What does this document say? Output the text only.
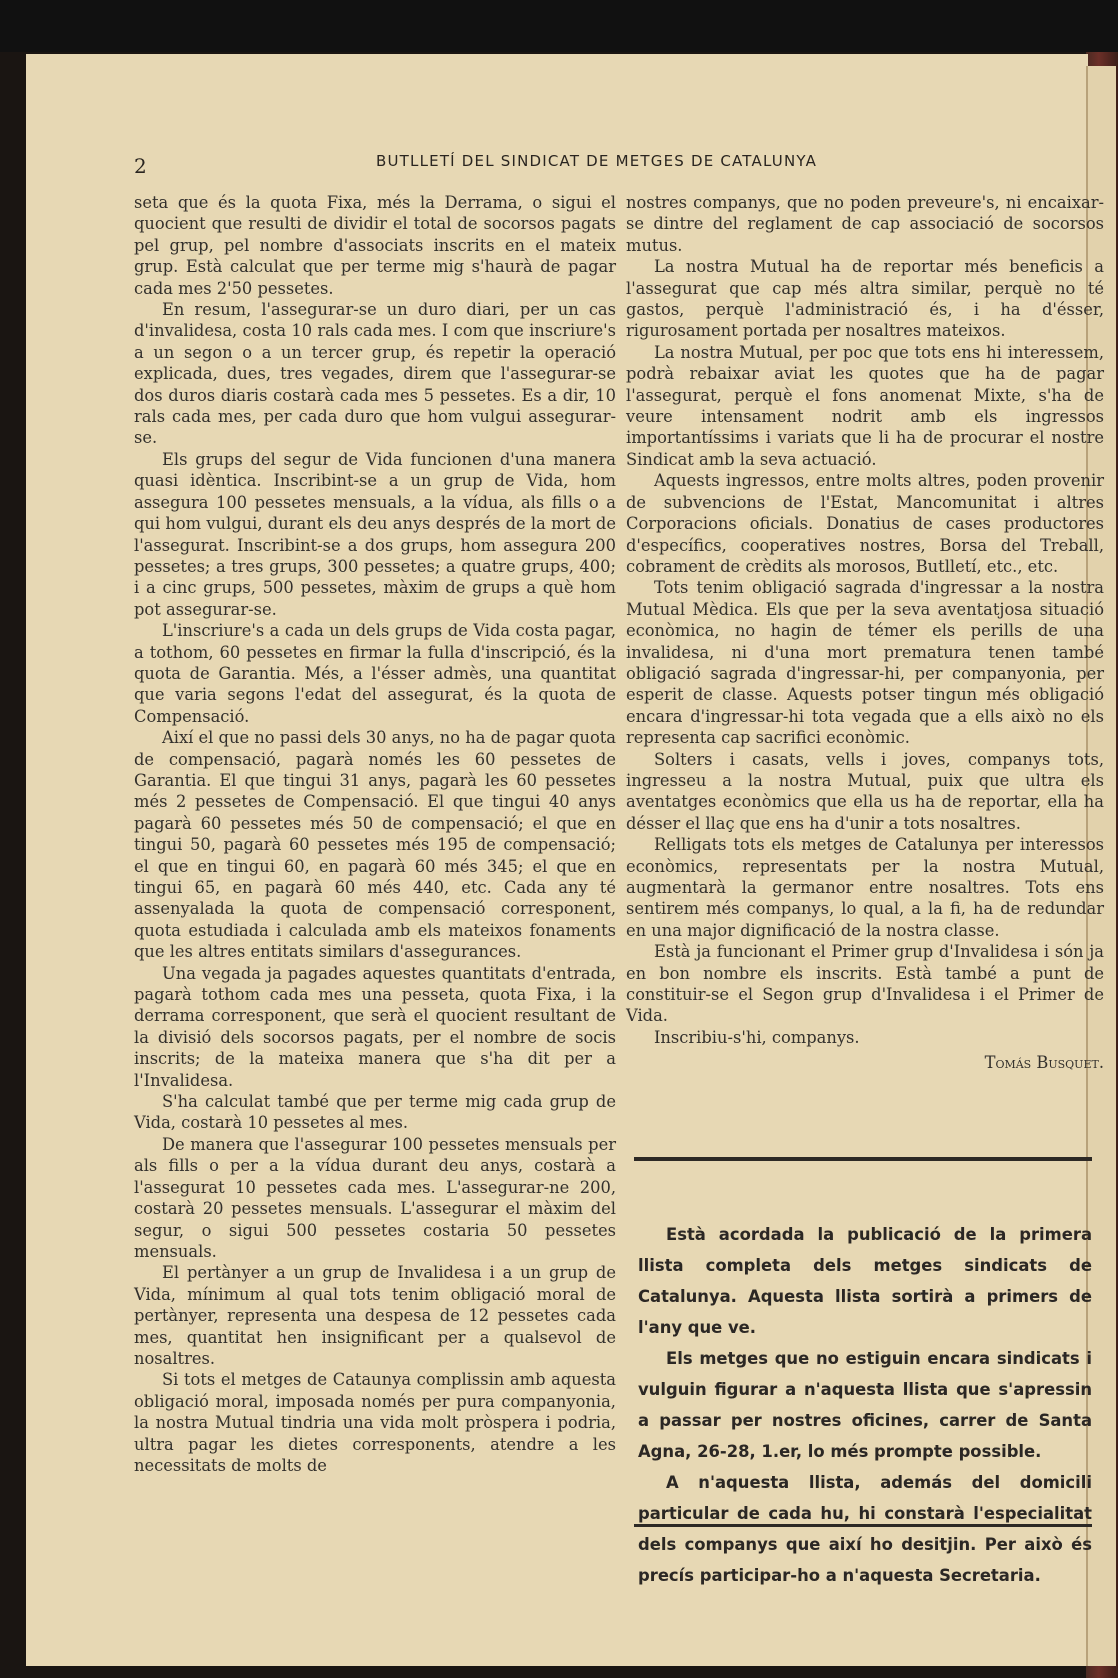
2	BUTLLETÍ DEL SINDICAT DE METGES DE CATALUNYA

seta que és la quota Fixa, més la Derrama, o sigui el quocient que resulti de dividir el total de socorsos pagats pel grup, pel nombre d'associats inscrits en el mateix grup. Està calculat que per terme mig s'haurà de pagar cada mes 2'50 pessetes.

En resum, l'assegurar-se un duro diari, per un cas d'invalidesa, costa 10 rals cada mes. I com que inscriure's a un segon o a un tercer grup, és repetir la operació explicada, dues, tres vegades, direm que l'assegurar-se dos duros diaris costarà cada mes 5 pessetes. Es a dir, 10 rals cada mes, per cada duro que hom vulgui assegurar-se.

Els grups del segur de Vida funcionen d'una manera quasi idèntica. Inscribint-se a un grup de Vida, hom assegura 100 pessetes mensuals, a la vídua, als fills o a qui hom vulgui, durant els deu anys després de la mort de l'assegurat. Inscribint-se a dos grups, hom assegura 200 pessetes; a tres grups, 300 pessetes; a quatre grups, 400; i a cinc grups, 500 pessetes, màxim de grups a què hom pot assegurar-se.

L'inscriure's a cada un dels grups de Vida costa pagar, a tothom, 60 pessetes en firmar la fulla d'inscripció, és la quota de Garantia. Més, a l'ésser admès, una quantitat que varia segons l'edat del assegurat, és la quota de Compensació.

Així el que no passi dels 30 anys, no ha de pagar quota de compensació, pagarà només les 60 pessetes de Garantia. El que tingui 31 anys, pagarà les 60 pessetes més 2 pessetes de Compensació. El que tingui 40 anys pagarà 60 pessetes més 50 de compensació; el que en tingui 50, pagarà 60 pessetes més 195 de compensació; el que en tingui 60, en pagarà 60 més 345; el que en tingui 65, en pagarà 60 més 440, etc. Cada any té assenyalada la quota de compensació corresponent, quota estudiada i calculada amb els mateixos fonaments que les altres entitats similars d'assegurances.

Una vegada ja pagades aquestes quantitats d'entrada, pagarà tothom cada mes una pesseta, quota Fixa, i la derrama corresponent, que serà el quocient resultant de la divisió dels socorsos pagats, per el nombre de socis inscrits; de la mateixa manera que s'ha dit per a l'Invalidesa.

S'ha calculat també que per terme mig cada grup de Vida, costarà 10 pessetes al mes.

De manera que l'assegurar 100 pessetes mensuals per als fills o per a la vídua durant deu anys, costarà a l'assegurat 10 pessetes cada mes. L'assegurar-ne 200, costarà 20 pessetes mensuals. L'assegurar el màxim del segur, o sigui 500 pessetes costaria 50 pessetes mensuals.

El pertànyer a un grup de Invalidesa i a un grup de Vida, mínimum al qual tots tenim obligació moral de pertànyer, representa una despesa de 12 pessetes cada mes, quantitat hen insignificant per a qualsevol de nosaltres.

Si tots el metges de Cataunya complissin amb aquesta obligació moral, imposada només per pura companyonia, la nostra Mutual tindria una vida molt pròspera i podria, ultra pagar les dietes corresponents, atendre a les necessitats de molts de

nostres companys, que no poden preveure's, ni encaixar-se dintre del reglament de cap associació de socorsos mutus.

La nostra Mutual ha de reportar més beneficis a l'assegurat que cap més altra similar, perquè no té gastos, perquè l'administració és, i ha d'ésser, rigurosament portada per nosaltres mateixos.

La nostra Mutual, per poc que tots ens hi interessem, podrà rebaixar aviat les quotes que ha de pagar l'assegurat, perquè el fons anomenat Mixte, s'ha de veure intensament nodrit amb els ingressos importantíssims i variats que li ha de procurar el nostre Sindicat amb la seva actuació.

Aquests ingressos, entre molts altres, poden provenir de subvencions de l'Estat, Mancomunitat i altres Corporacions oficials. Donatius de cases productores d'específics, cooperatives nostres, Borsa del Treball, cobrament de crèdits als morosos, Butlletí, etc., etc.

Tots tenim obligació sagrada d'ingressar a la nostra Mutual Mèdica. Els que per la seva aventatjosa situació econòmica, no hagin de témer els perills de una invalidesa, ni d'una mort prematura tenen també obligació sagrada d'ingressar-hi, per companyonia, per esperit de classe. Aquests potser tingun més obligació encara d'ingressar-hi tota vegada que a ells això no els representa cap sacrifici econòmic.

Solters i casats, vells i joves, companys tots, ingresseu a la nostra Mutual, puix que ultra els aventatges econòmics que ella us ha de reportar, ella ha désser el llaç que ens ha d'unir a tots nosaltres.

Relligats tots els metges de Catalunya per interessos econòmics, representats per la nostra Mutual, augmentarà la germanor entre nosaltres. Tots ens sentirem més companys, lo qual, a la fi, ha de redundar en una major dignificació de la nostra classe.

Està ja funcionant el Primer grup d'Invalidesa i són ja en bon nombre els inscrits. Està també a punt de constituir-se el Segon grup d'Invalidesa i el Primer de Vida.

Inscribiu-s'hi, companys.

Tomás Busquet.

Està acordada la publicació de la primera llista completa dels metges sindicats de Catalunya. Aquesta llista sortirà a primers de l'any que ve.

Els metges que no estiguin encara sindicats i vulguin figurar a n'aquesta llista que s'apressin a passar per nostres oficines, carrer de Santa Agna, 26-28, 1.er, lo més prompte possible.

A n'aquesta llista, además del domicili particular de cada hu, hi constarà l'especialitat dels companys que així ho desitjin. Per això és precís participar-ho a n'aquesta Secretaria.
